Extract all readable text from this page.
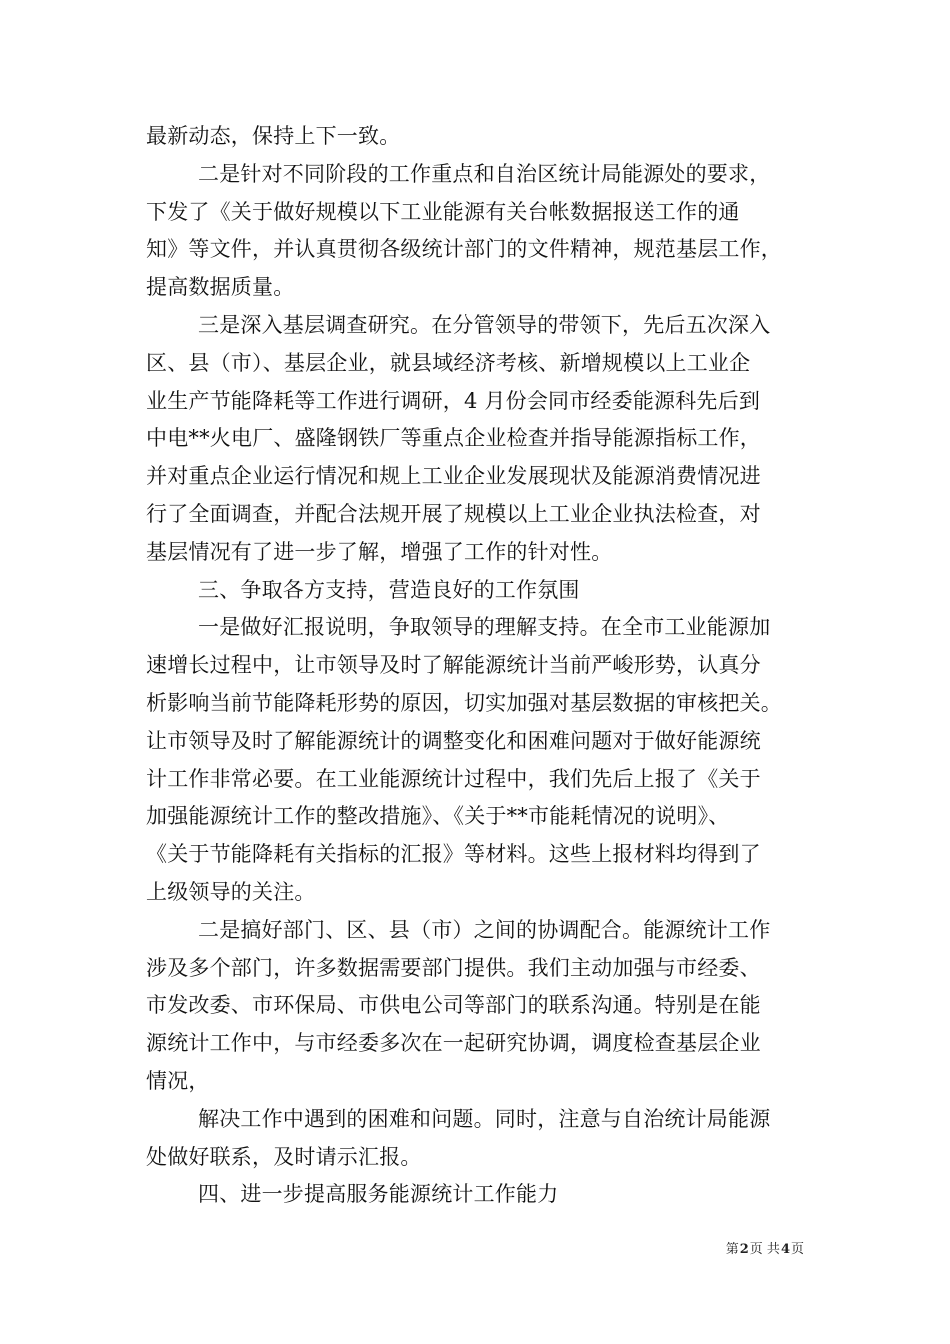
最新动态，保持上下一致。
二是针对不同阶段的工作重点和自治区统计局能源处的要求，
下发了《关于做好规模以下工业能源有关台帐数据报送工作的通
知》等文件，并认真贯彻各级统计部门的文件精神，规范基层工作，
提高数据质量。
三是深入基层调查研究。在分管领导的带领下，先后五次深入
区、县（市）、基层企业，就县域经济考核、新增规模以上工业企
业生产节能降耗等工作进行调研，4 月份会同市经委能源科先后到
中电**火电厂、盛隆钢铁厂等重点企业检查并指导能源指标工作，
并对重点企业运行情况和规上工业企业发展现状及能源消费情况进
行了全面调查，并配合法规开展了规模以上工业企业执法检查，对
基层情况有了进一步了解，增强了工作的针对性。
三、争取各方支持，营造良好的工作氛围
一是做好汇报说明，争取领导的理解支持。在全市工业能源加
速增长过程中，让市领导及时了解能源统计当前严峻形势，认真分
析影响当前节能降耗形势的原因，切实加强对基层数据的审核把关。
让市领导及时了解能源统计的调整变化和困难问题对于做好能源统
计工作非常必要。在工业能源统计过程中，我们先后上报了《关于
加强能源统计工作的整改措施》、《关于**市能耗情况的说明》、
《关于节能降耗有关指标的汇报》等材料。这些上报材料均得到了
上级领导的关注。
二是搞好部门、区、县（市）之间的协调配合。能源统计工作
涉及多个部门，许多数据需要部门提供。我们主动加强与市经委、
市发改委、市环保局、市供电公司等部门的联系沟通。特别是在能
源统计工作中，与市经委多次在一起研究协调，调度检查基层企业
情况，
解决工作中遇到的困难和问题。同时，注意与自治统计局能源
处做好联系，及时请示汇报。
四、进一步提高服务能源统计工作能力
第2页 共4页
